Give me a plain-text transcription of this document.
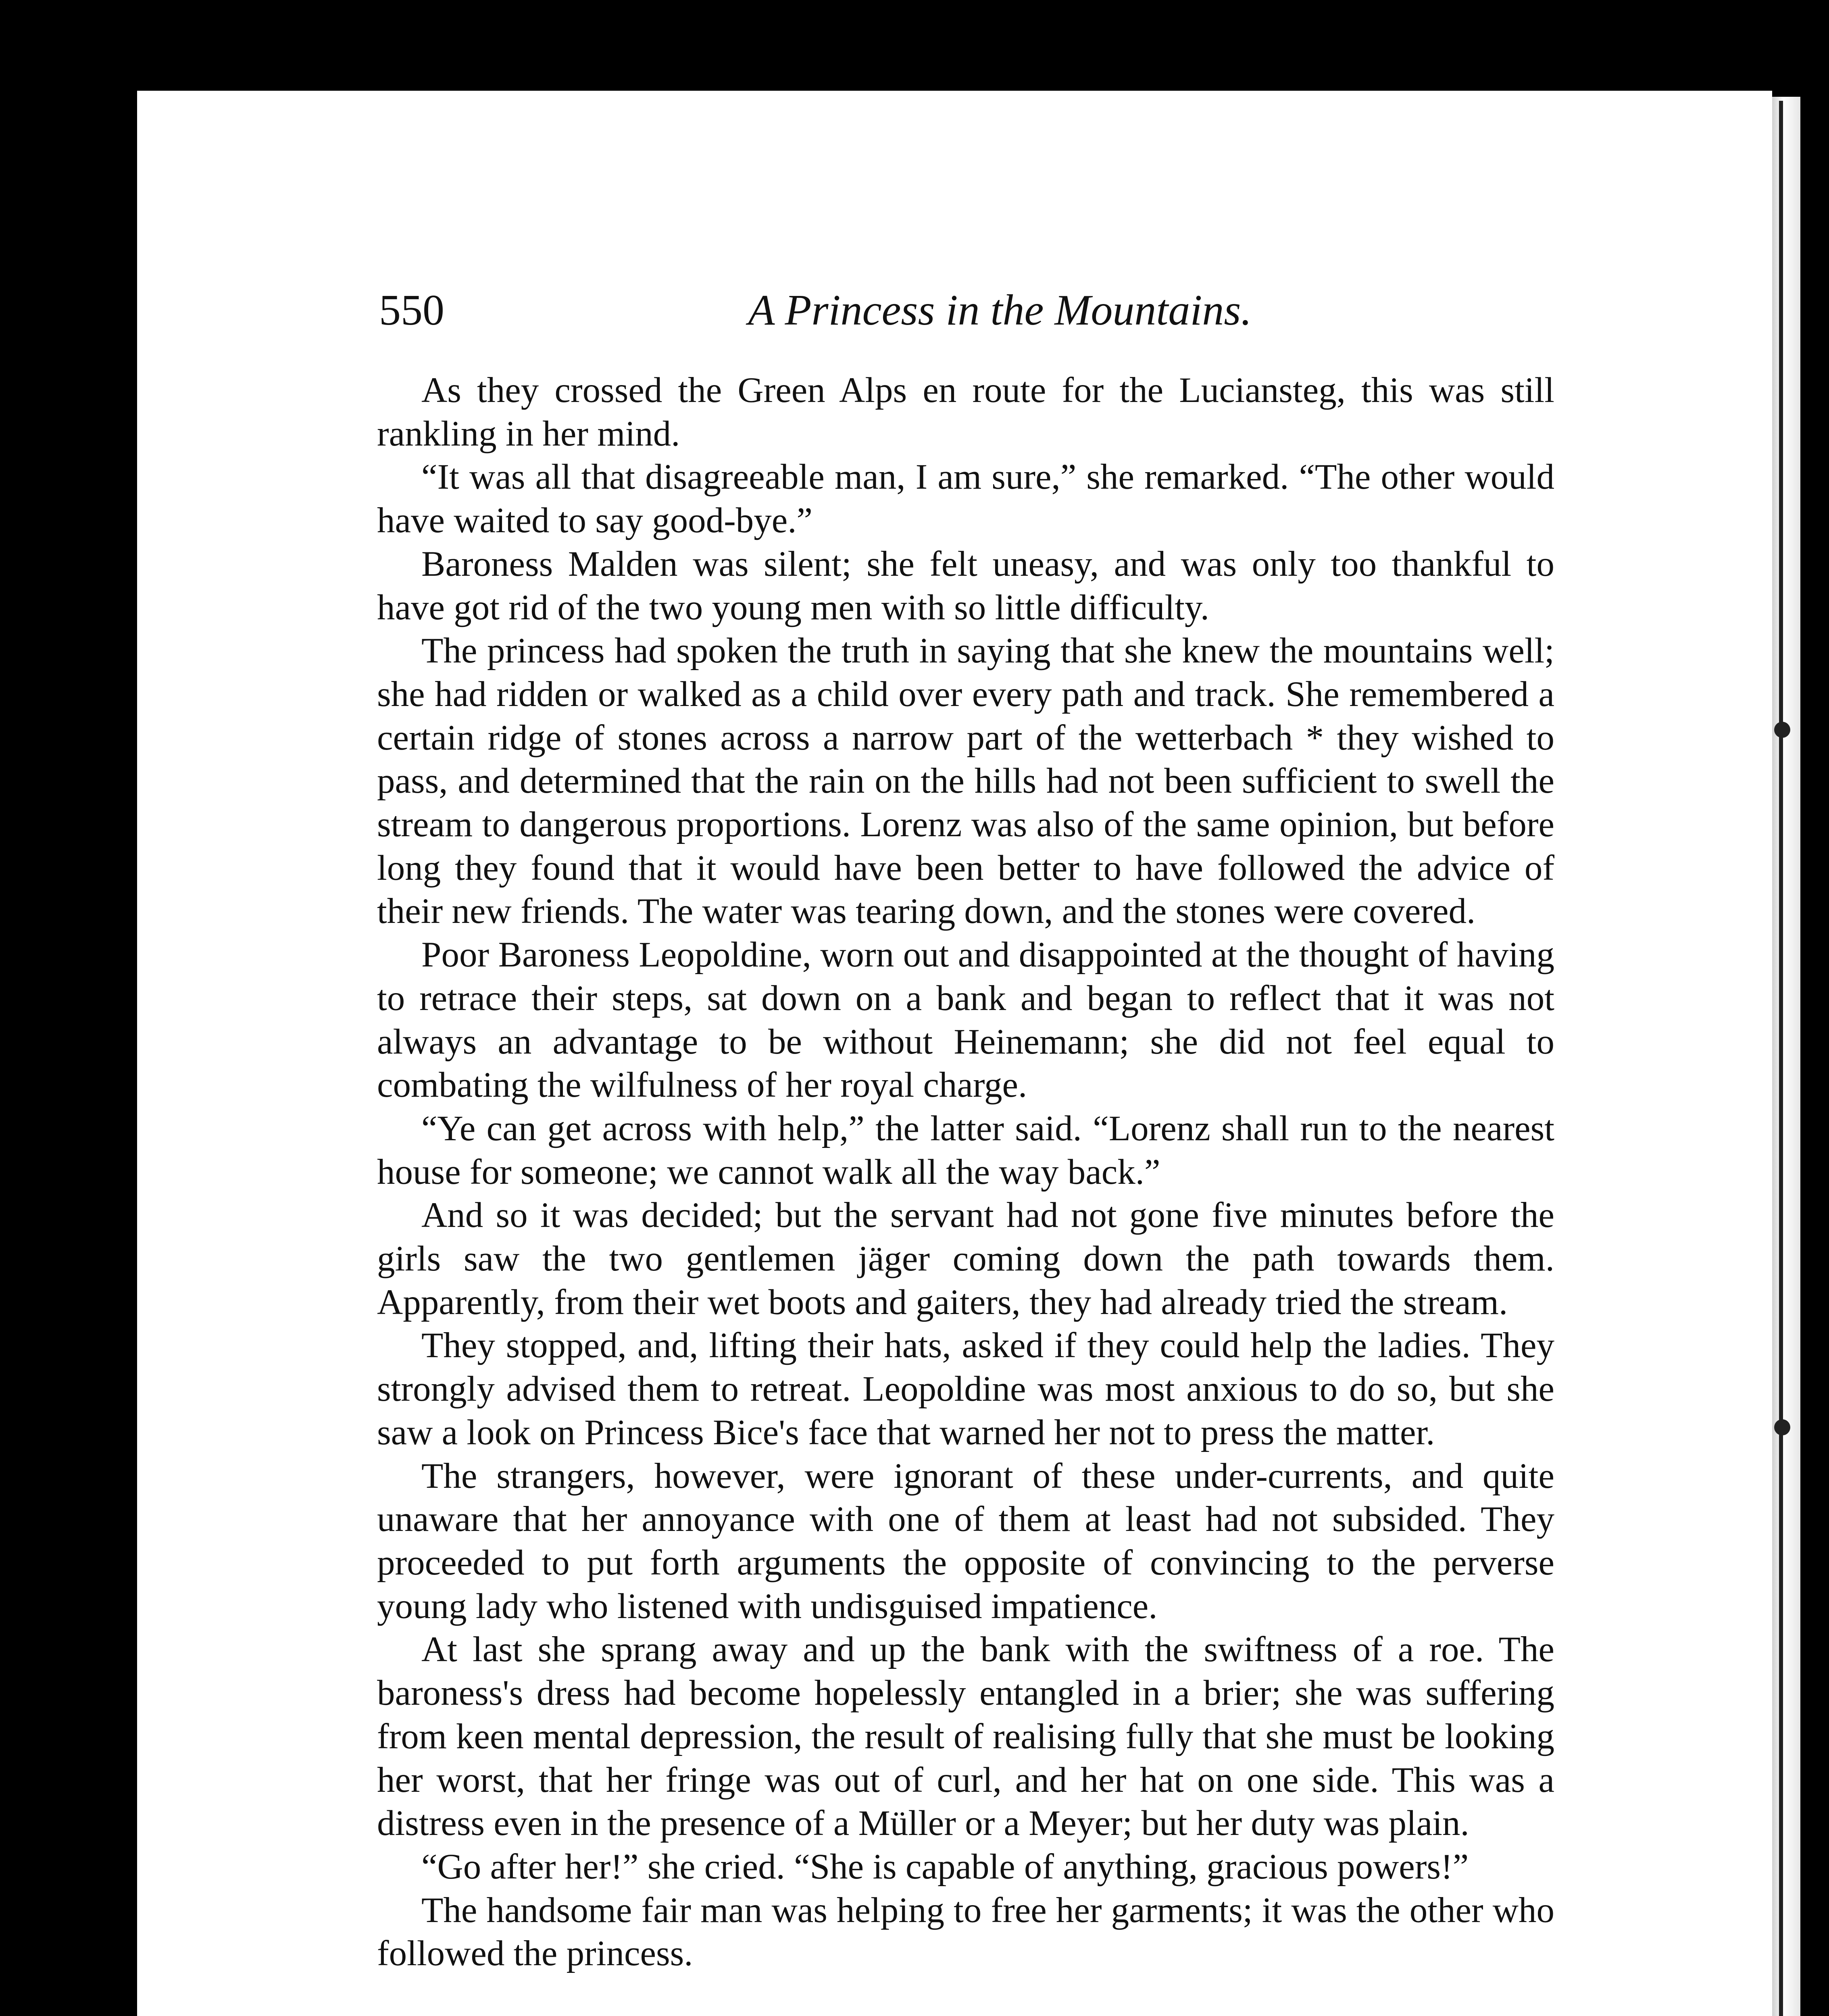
550	A Princess in the Mountains.

As they crossed the Green Alps en route for the Luciansteg, this was still rankling in her mind.

“It was all that disagreeable man, I am sure,” she remarked. “The other would have waited to say good-bye.”

Baroness Malden was silent; she felt uneasy, and was only too thankful to have got rid of the two young men with so little difficulty.

The princess had spoken the truth in saying that she knew the mountains well; she had ridden or walked as a child over every path and track. She remembered a certain ridge of stones across a narrow part of the wetterbach * they wished to pass, and determined that the rain on the hills had not been sufficient to swell the stream to dangerous proportions. Lorenz was also of the same opinion, but before long they found that it would have been better to have followed the advice of their new friends. The water was tearing down, and the stones were covered.

Poor Baroness Leopoldine, worn out and disappointed at the thought of having to retrace their steps, sat down on a bank and began to reflect that it was not always an advantage to be without Heinemann; she did not feel equal to combating the wilfulness of her royal charge.

“Ye can get across with help,” the latter said. “Lorenz shall run to the nearest house for someone; we cannot walk all the way back.”

And so it was decided; but the servant had not gone five minutes before the girls saw the two gentlemen jäger coming down the path towards them. Apparently, from their wet boots and gaiters, they had already tried the stream.

They stopped, and, lifting their hats, asked if they could help the ladies. They strongly advised them to retreat. Leopoldine was most anxious to do so, but she saw a look on Princess Bice's face that warned her not to press the matter.

The strangers, however, were ignorant of these under-currents, and quite unaware that her annoyance with one of them at least had not subsided. They proceeded to put forth arguments the opposite of convincing to the perverse young lady who listened with undisguised impatience.

At last she sprang away and up the bank with the swiftness of a roe. The baroness's dress had become hopelessly entangled in a brier; she was suffering from keen mental depression, the result of realising fully that she must be looking her worst, that her fringe was out of curl, and her hat on one side. This was a distress even in the presence of a Müller or a Meyer; but her duty was plain.

“Go after her!” she cried. “She is capable of anything, gracious powers!”

The handsome fair man was helping to free her garments; it was the other who followed the princess.
